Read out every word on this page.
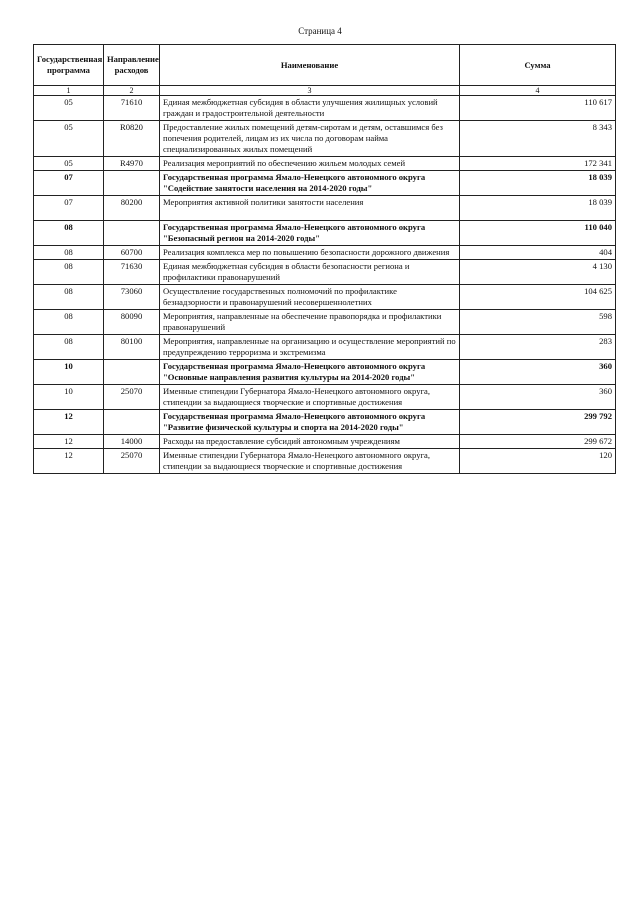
Страница 4
Государственная программа	Направление расходов	Наименование	Сумма
1	2	3	4
05	71610	Единая межбюджетная субсидия в области улучшения жилищных условий граждан и градостроительной деятельности	110 617
05	R0820	Предоставление жилых помещений детям-сиротам и детям, оставшимся без попечения родителей, лицам из их числа по договорам найма специализированных жилых помещений	8 343
05	R4970	Реализация мероприятий по обеспечению жильем молодых семей	172 341
07		Государственная программа Ямало-Ненецкого автономного округа "Содействие занятости населения на 2014-2020 годы"	18 039
07	80200	Мероприятия активной политики занятости населения	18 039
08		Государственная программа Ямало-Ненецкого автономного округа "Безопасный регион на 2014-2020 годы"	110 040
08	60700	Реализация комплекса мер по повышению безопасности дорожного движения	404
08	71630	Единая межбюджетная субсидия в области безопасности региона и профилактики правонарушений	4 130
08	73060	Осуществление государственных полномочий по профилактике безнадзорности и правонарушений несовершеннолетних	104 625
08	80090	Мероприятия, направленные на обеспечение правопорядка и профилактики правонарушений	598
08	80100	Мероприятия, направленные на организацию и осуществление мероприятий по предупреждению терроризма и экстремизма	283
10		Государственная программа Ямало-Ненецкого автономного округа "Основные направления развития культуры на 2014-2020 годы"	360
10	25070	Именные стипендии Губернатора Ямало-Ненецкого автономного округа, стипендии за выдающиеся творческие и спортивные достижения	360
12		Государственная программа Ямало-Ненецкого автономного округа "Развитие физической культуры и спорта на 2014-2020 годы"	299 792
12	14000	Расходы на предоставление субсидий автономным учреждениям	299 672
12	25070	Именные стипендии Губернатора Ямало-Ненецкого автономного округа, стипендии за выдающиеся творческие и спортивные достижения	120
